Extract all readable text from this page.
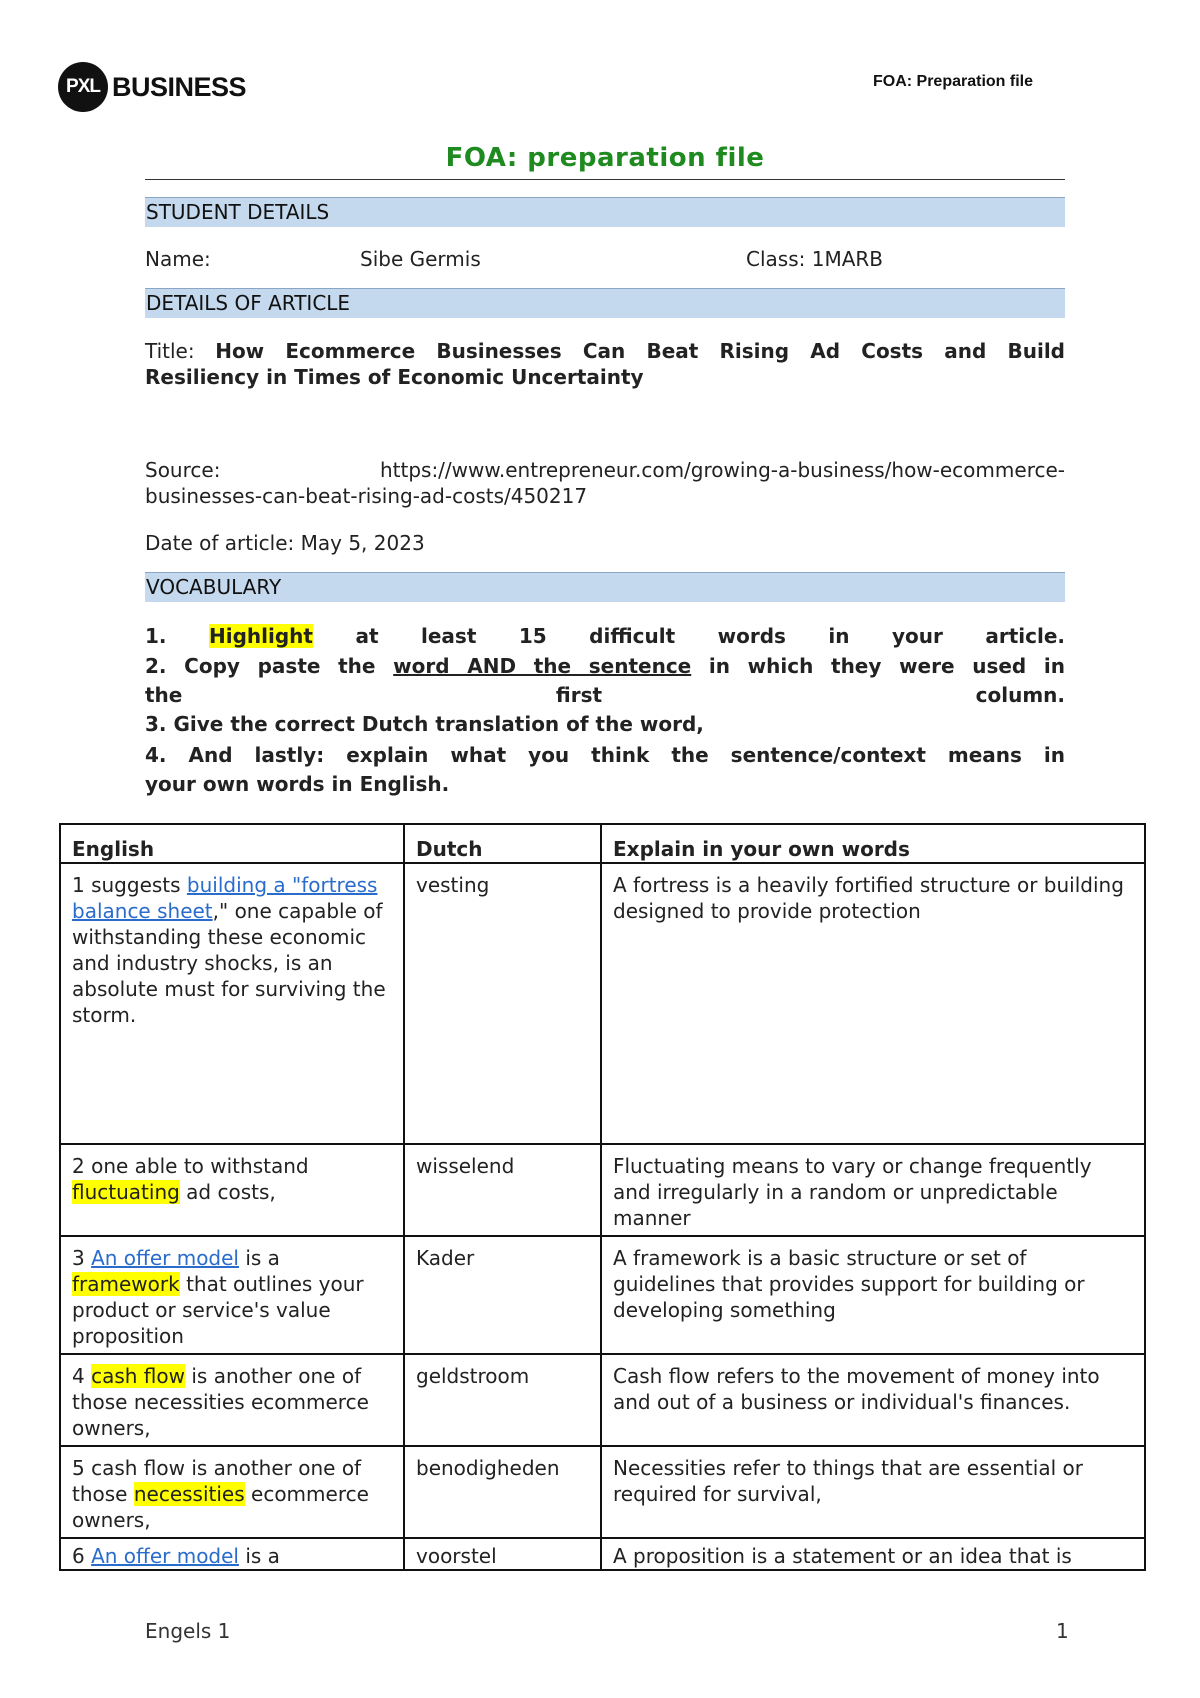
PXL BUSINESS	FOA: Preparation file
FOA: preparation file
STUDENT DETAILS
Name:	Sibe Germis	Class: 1MARB
DETAILS OF ARTICLE
Title: How Ecommerce Businesses Can Beat Rising Ad Costs and Build
Resiliency in Times of Economic Uncertainty
Source:	https://www.entrepreneur.com/growing-a-business/how-ecommerce-
businesses-can-beat-rising-ad-costs/450217
Date of article: May 5, 2023
VOCABULARY
1. Highlight at least 15 difficult words in your article.
2. Copy paste the word AND the sentence in which they were used in
the first column.
3. Give the correct Dutch translation of the word,
4. And lastly: explain what you think the sentence/context means in
your own words in English.
English	Dutch	Explain in your own words
1 suggests building a "fortress balance sheet," one capable of withstanding these economic and industry shocks, is an absolute must for surviving the storm.	vesting	A fortress is a heavily fortified structure or building designed to provide protection
2 one able to withstand fluctuating ad costs,	wisselend	Fluctuating means to vary or change frequently and irregularly in a random or unpredictable manner
3 An offer model is a framework that outlines your product or service's value proposition	Kader	A framework is a basic structure or set of guidelines that provides support for building or developing something
4 cash flow is another one of those necessities ecommerce owners,	geldstroom	Cash flow refers to the movement of money into and out of a business or individual's finances.
5 cash flow is another one of those necessities ecommerce owners,	benodigheden	Necessities refer to things that are essential or required for survival,
6 An offer model is a	voorstel	A proposition is a statement or an idea that is
Engels 1	1
